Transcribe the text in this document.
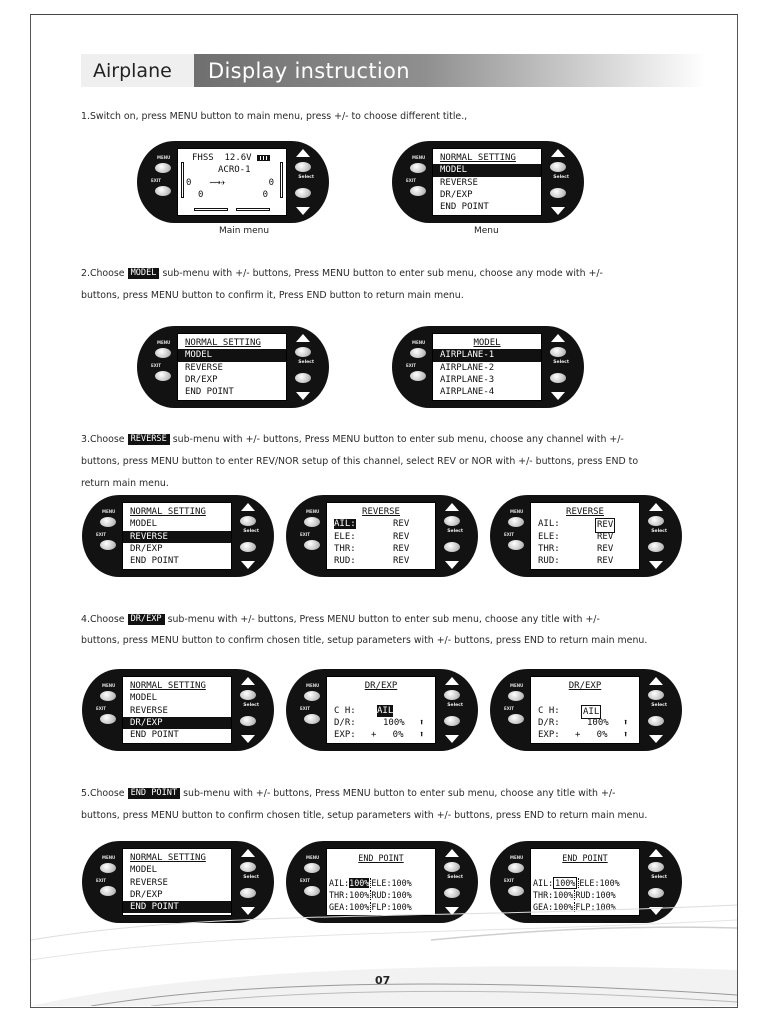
Airplane	Display instruction
1.Switch on, press MENU button to main menu, press +/- to choose different title.,
MENU
EXIT
Select
FHSS  12.6V
ACRO-1
0 ⟿✈	0
0	0
Main menu
MENU
EXIT
Select
NORMAL SETTING
MODEL
REVERSE
DR/EXP
END POINT
Menu
2.Choose MODEL sub-menu with +/- buttons, Press MENU button to enter sub menu, choose any mode with +/-
buttons, press MENU button to confirm it, Press END button to return main menu.
MENU
EXIT
Select
NORMAL SETTING
MODEL
REVERSE
DR/EXP
END POINT
MENU
EXIT
Select
MODEL
AIRPLANE-1
AIRPLANE-2
AIRPLANE-3
AIRPLANE-4
3.Choose REVERSE sub-menu with +/- buttons, Press MENU button to enter sub menu, choose any channel with +/-
buttons, press MENU button to enter REV/NOR setup of this channel, select REV or NOR with +/- buttons, press END to
return main menu.
MENU
EXIT
Select
NORMAL SETTING
MODEL
REVERSE
DR/EXP
END POINT
MENU
EXIT
Select
REVERSE
AIL:	REV
ELE:	REV
THR:	REV
RUD:	REV
MENU
EXIT
Select
REVERSE
AIL:	REV
ELE:	REV
THR:	REV
RUD:	REV
4.Choose DR/EXP sub-menu with +/- buttons, Press MENU button to enter sub menu, choose any title with +/-
buttons, press MENU button to confirm chosen title, setup parameters with +/- buttons, press END to return main menu.
MENU
EXIT
Select
NORMAL SETTING
MODEL
REVERSE
DR/EXP
END POINT
MENU
EXIT
Select
DR/EXP
C H: AIL
D/R:	100% ⬆
EXP: +   0% ⬆
MENU
EXIT
Select
DR/EXP
C H:	AIL
D/R:	100% ⬆
EXP: +   0% ⬆
5.Choose END POINT sub-menu with +/- buttons, Press MENU button to enter sub menu, choose any title with +/-
buttons, press MENU button to confirm chosen title, setup parameters with +/- buttons, press END to return main menu.
MENU
EXIT
Select
NORMAL SETTING
MODEL
REVERSE
DR/EXP
END POINT
MENU
EXIT
Select
END POINT
AIL:100% ELE:100%
THR:100% RUD:100%
GEA:100% FLP:100%
MENU
EXIT
Select
END POINT
AIL: 100% ELE:100%
THR:100% RUD:100%
GEA:100% FLP:100%
07
